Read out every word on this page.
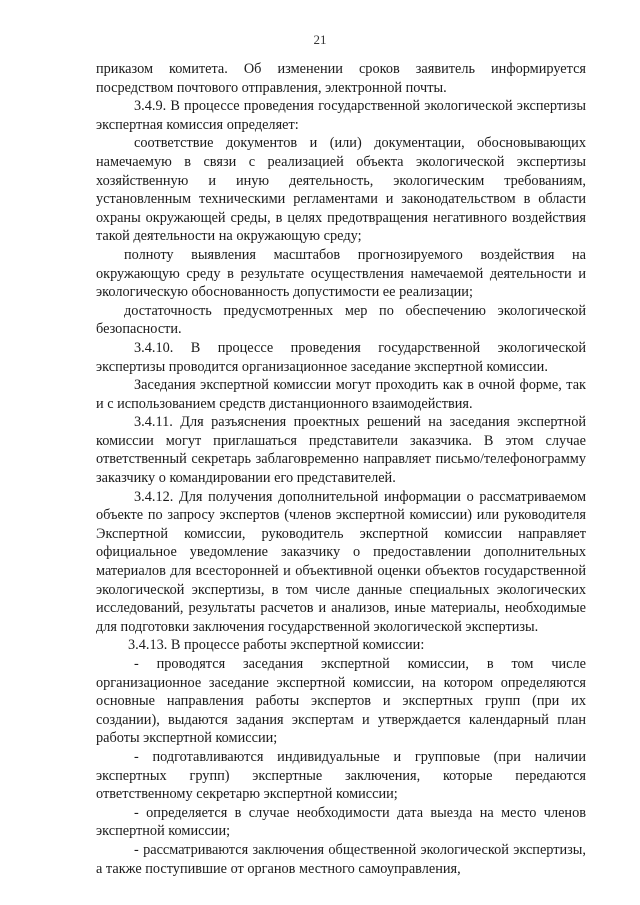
21

приказом комитета. Об изменении сроков заявитель информируется посредством почтового отправления, электронной почты.

3.4.9. В процессе проведения государственной экологической экспертизы экспертная комиссия определяет:

соответствие документов и (или) документации, обосновывающих намечаемую в связи с реализацией объекта экологической экспертизы хозяйственную и иную деятельность, экологическим требованиям, установленным техническими регламентами и законодательством в области охраны окружающей среды, в целях предотвращения негативного воздействия такой деятельности на окружающую среду;

полноту выявления масштабов прогнозируемого воздействия на окружающую среду в результате осуществления намечаемой деятельности и экологическую обоснованность допустимости ее реализации;

достаточность предусмотренных мер по обеспечению экологической безопасности.

3.4.10. В процессе проведения государственной экологической экспертизы проводится организационное заседание экспертной комиссии.

Заседания экспертной комиссии могут проходить как в очной форме, так и с использованием средств дистанционного взаимодействия.

3.4.11. Для разъяснения проектных решений на заседания экспертной комиссии могут приглашаться представители заказчика. В этом случае ответственный секретарь заблаговременно направляет письмо/телефонограмму заказчику о командировании его представителей.

3.4.12. Для получения дополнительной информации о рассматриваемом объекте по запросу экспертов (членов экспертной комиссии) или руководителя Экспертной комиссии, руководитель экспертной комиссии направляет официальное уведомление заказчику о предоставлении дополнительных материалов для всесторонней и объективной оценки объектов государственной экологической экспертизы, в том числе данные специальных экологических исследований, результаты расчетов и анализов, иные материалы, необходимые для подготовки заключения государственной экологической экспертизы.

3.4.13. В процессе работы экспертной комиссии:

- проводятся заседания экспертной комиссии, в том числе организационное заседание экспертной комиссии, на котором определяются основные направления работы экспертов и экспертных групп (при их создании), выдаются задания экспертам и утверждается календарный план работы экспертной комиссии;

- подготавливаются индивидуальные и групповые (при наличии экспертных групп) экспертные заключения, которые передаются ответственному секретарю экспертной комиссии;

- определяется в случае необходимости дата выезда на место членов экспертной комиссии;

- рассматриваются заключения общественной экологической экспертизы, а также поступившие от органов местного самоуправления,
